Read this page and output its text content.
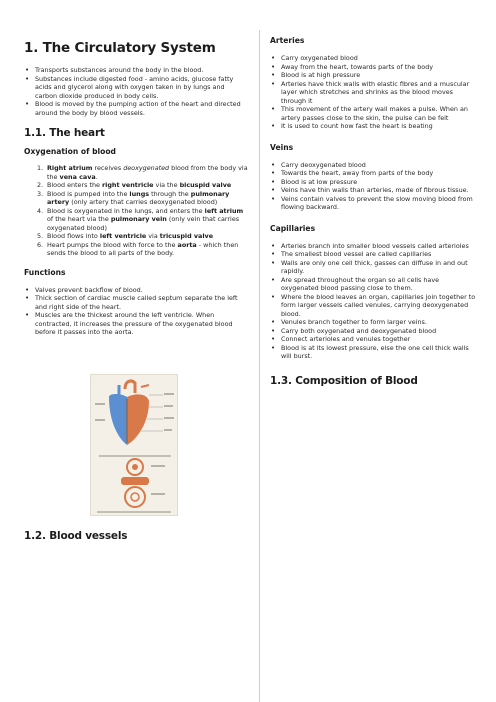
1. The Circulatory System
• Transports substances around the body in the blood.
• Substances include digested food - amino acids, glucose fatty acids and glycerol along with oxygen taken in by lungs and carbon dioxide produced in body cells.
• Blood is moved by the pumping action of the heart and directed around the body by blood vessels.
1.1. The heart
Oxygenation of blood
1. Right atrium receives deoxygenated blood from the body via the vena cava.
2. Blood enters the right ventricle via the bicuspid valve
3. Blood is pumped into the lungs through the pulmonary artery (only artery that carries deoxygenated blood)
4. Blood is oxygenated in the lungs, and enters the left atrium of the heart via the pulmonary vein (only vein that carries oxygenated blood)
5. Blood flows into left ventricle via tricuspid valve
6. Heart pumps the blood with force to the aorta - which then sends the blood to all parts of the body.
Functions
• Valves prevent backflow of blood.
• Thick section of cardiac muscle called septum separate the left and right side of the heart.
• Muscles are the thickest around the left ventricle. When contracted, it increases the pressure of the oxygenated blood before it passes into the aorta.
1.2. Blood vessels
Arteries
• Carry oxygenated blood
• Away from the heart, towards parts of the body
• Blood is at high pressure
• Arteries have thick walls with elastic fibres and a muscular layer which stretches and shrinks as the blood moves through it
• This movement of the artery wall makes a pulse. When an artery passes close to the skin, the pulse can be felt
• It is used to count how fast the heart is beating
Veins
• Carry deoxygenated blood
• Towards the heart, away from parts of the body
• Blood is at low pressure
• Veins have thin walls than arteries, made of fibrous tissue.
• Veins contain valves to prevent the slow moving blood from flowing backward.
Capillaries
• Arteries branch into smaller blood vessels called arterioles
• The smallest blood vessel are called capillaries
• Walls are only one cell thick, gasses can diffuse in and out rapidly.
• Are spread throughout the organ so all cells have oxygenated blood passing close to them.
• Where the blood leaves an organ, capillaries join together to form larger vessels called venules, carrying deoxygenated blood.
• Venules branch together to form larger veins.
• Carry both oxygenated and deoxygenated blood
• Connect arterioles and venules together
• Blood is at its lowest pressure, else the one cell thick walls will burst.
1.3. Composition of Blood
